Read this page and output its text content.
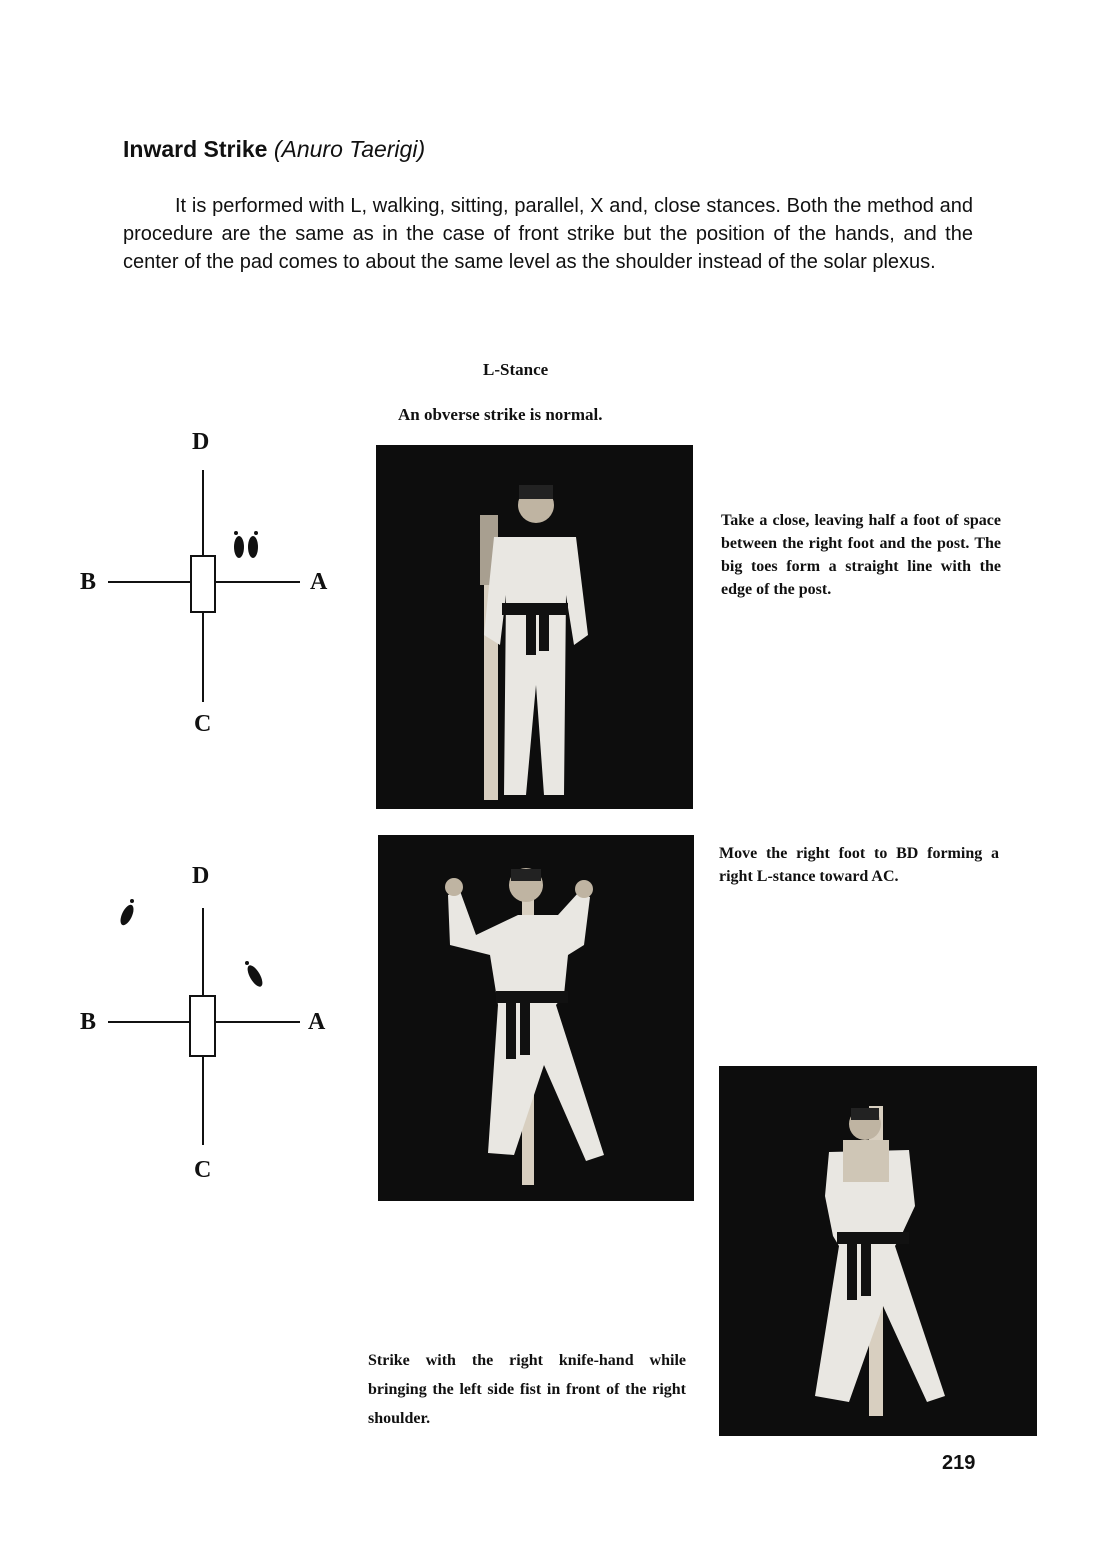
Inward Strike (Anuro Taerigi)

It is performed with L, walking, sitting, parallel, X and, close stances. Both the method and procedure are the same as in the case of front strike but the position of the hands, and the center of the pad comes to about the same level as the shoulder instead of the solar plexus.

L-Stance

An obverse strike is normal.

D
B	A
C
D
B	A
C

Take a close, leaving half a foot of space between the right foot and the post. The big toes form a straight line with the edge of the post.

Move the right foot to BD forming a right L-stance toward AC.

Strike with the right knife-hand while bringing the left side fist in front of the right shoulder.

219
